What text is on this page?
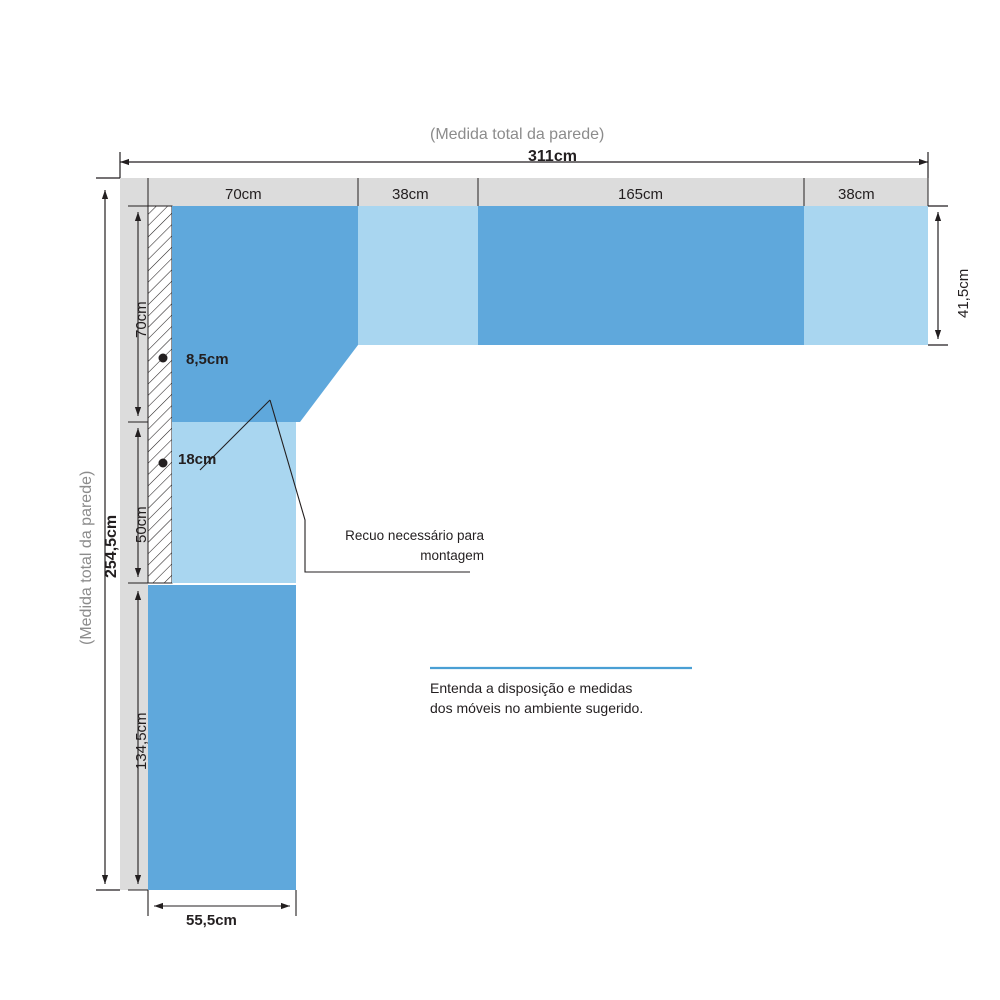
(Medida total da parede)
311cm
70cm	38cm	165cm	38cm
41,5cm
(Medida total da parede) 254,5cm
70cm
50cm
134,5cm
55,5cm
8,5cm
18cm
Recuo necessário para
montagem
Entenda a disposição e medidas
dos móveis no ambiente sugerido.
